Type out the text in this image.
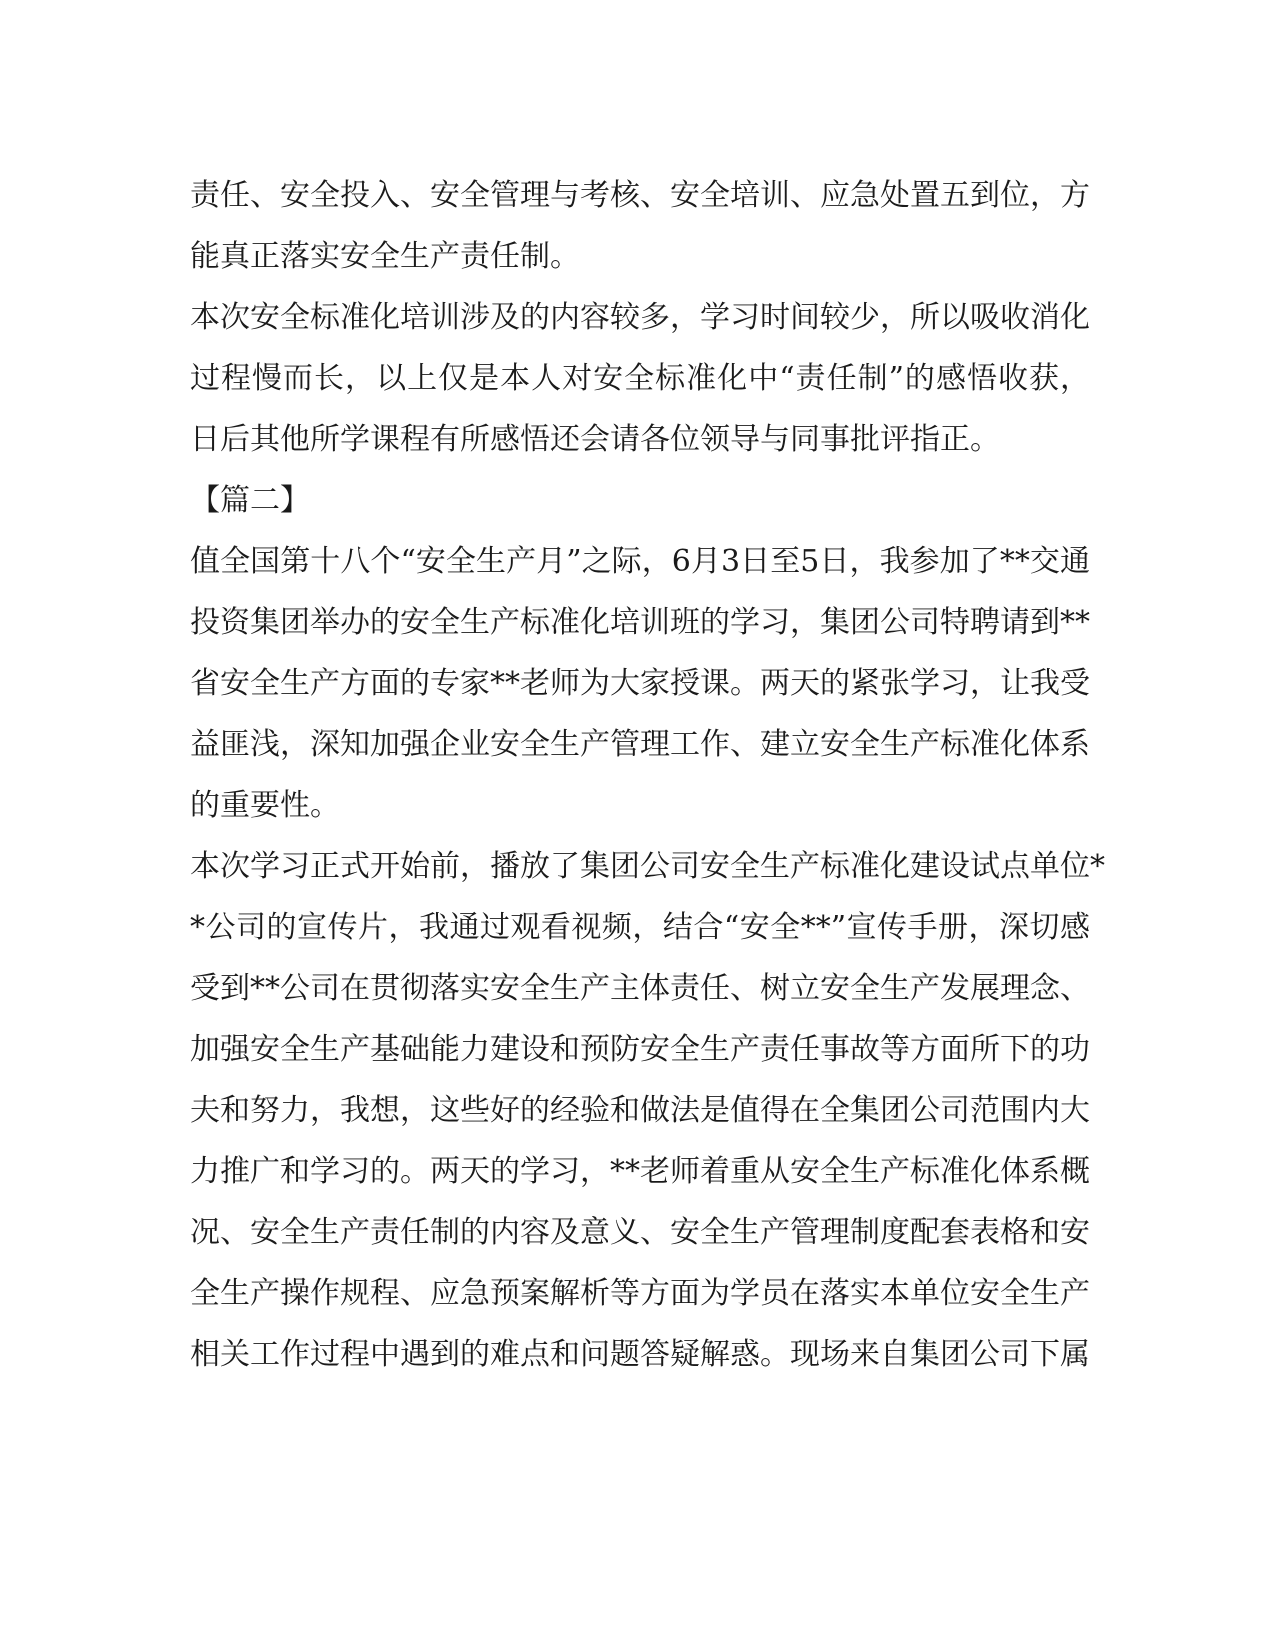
责任、安全投入、安全管理与考核、安全培训、应急处置五到位，方
能真正落实安全生产责任制。
本次安全标准化培训涉及的内容较多，学习时间较少，所以吸收消化
过程慢而长，以上仅是本人对安全标准化中“责任制”的感悟收获，
日后其他所学课程有所感悟还会请各位领导与同事批评指正。
【篇二】
值全国第十八个“安全生产月”之际，6月3日至5日，我参加了**交通
投资集团举办的安全生产标准化培训班的学习，集团公司特聘请到**
省安全生产方面的专家**老师为大家授课。两天的紧张学习，让我受
益匪浅，深知加强企业安全生产管理工作、建立安全生产标准化体系
的重要性。
本次学习正式开始前，播放了集团公司安全生产标准化建设试点单位*
*公司的宣传片，我通过观看视频，结合“安全**”宣传手册，深切感
受到**公司在贯彻落实安全生产主体责任、树立安全生产发展理念、
加强安全生产基础能力建设和预防安全生产责任事故等方面所下的功
夫和努力，我想，这些好的经验和做法是值得在全集团公司范围内大
力推广和学习的。两天的学习，**老师着重从安全生产标准化体系概
况、安全生产责任制的内容及意义、安全生产管理制度配套表格和安
全生产操作规程、应急预案解析等方面为学员在落实本单位安全生产
相关工作过程中遇到的难点和问题答疑解惑。现场来自集团公司下属
